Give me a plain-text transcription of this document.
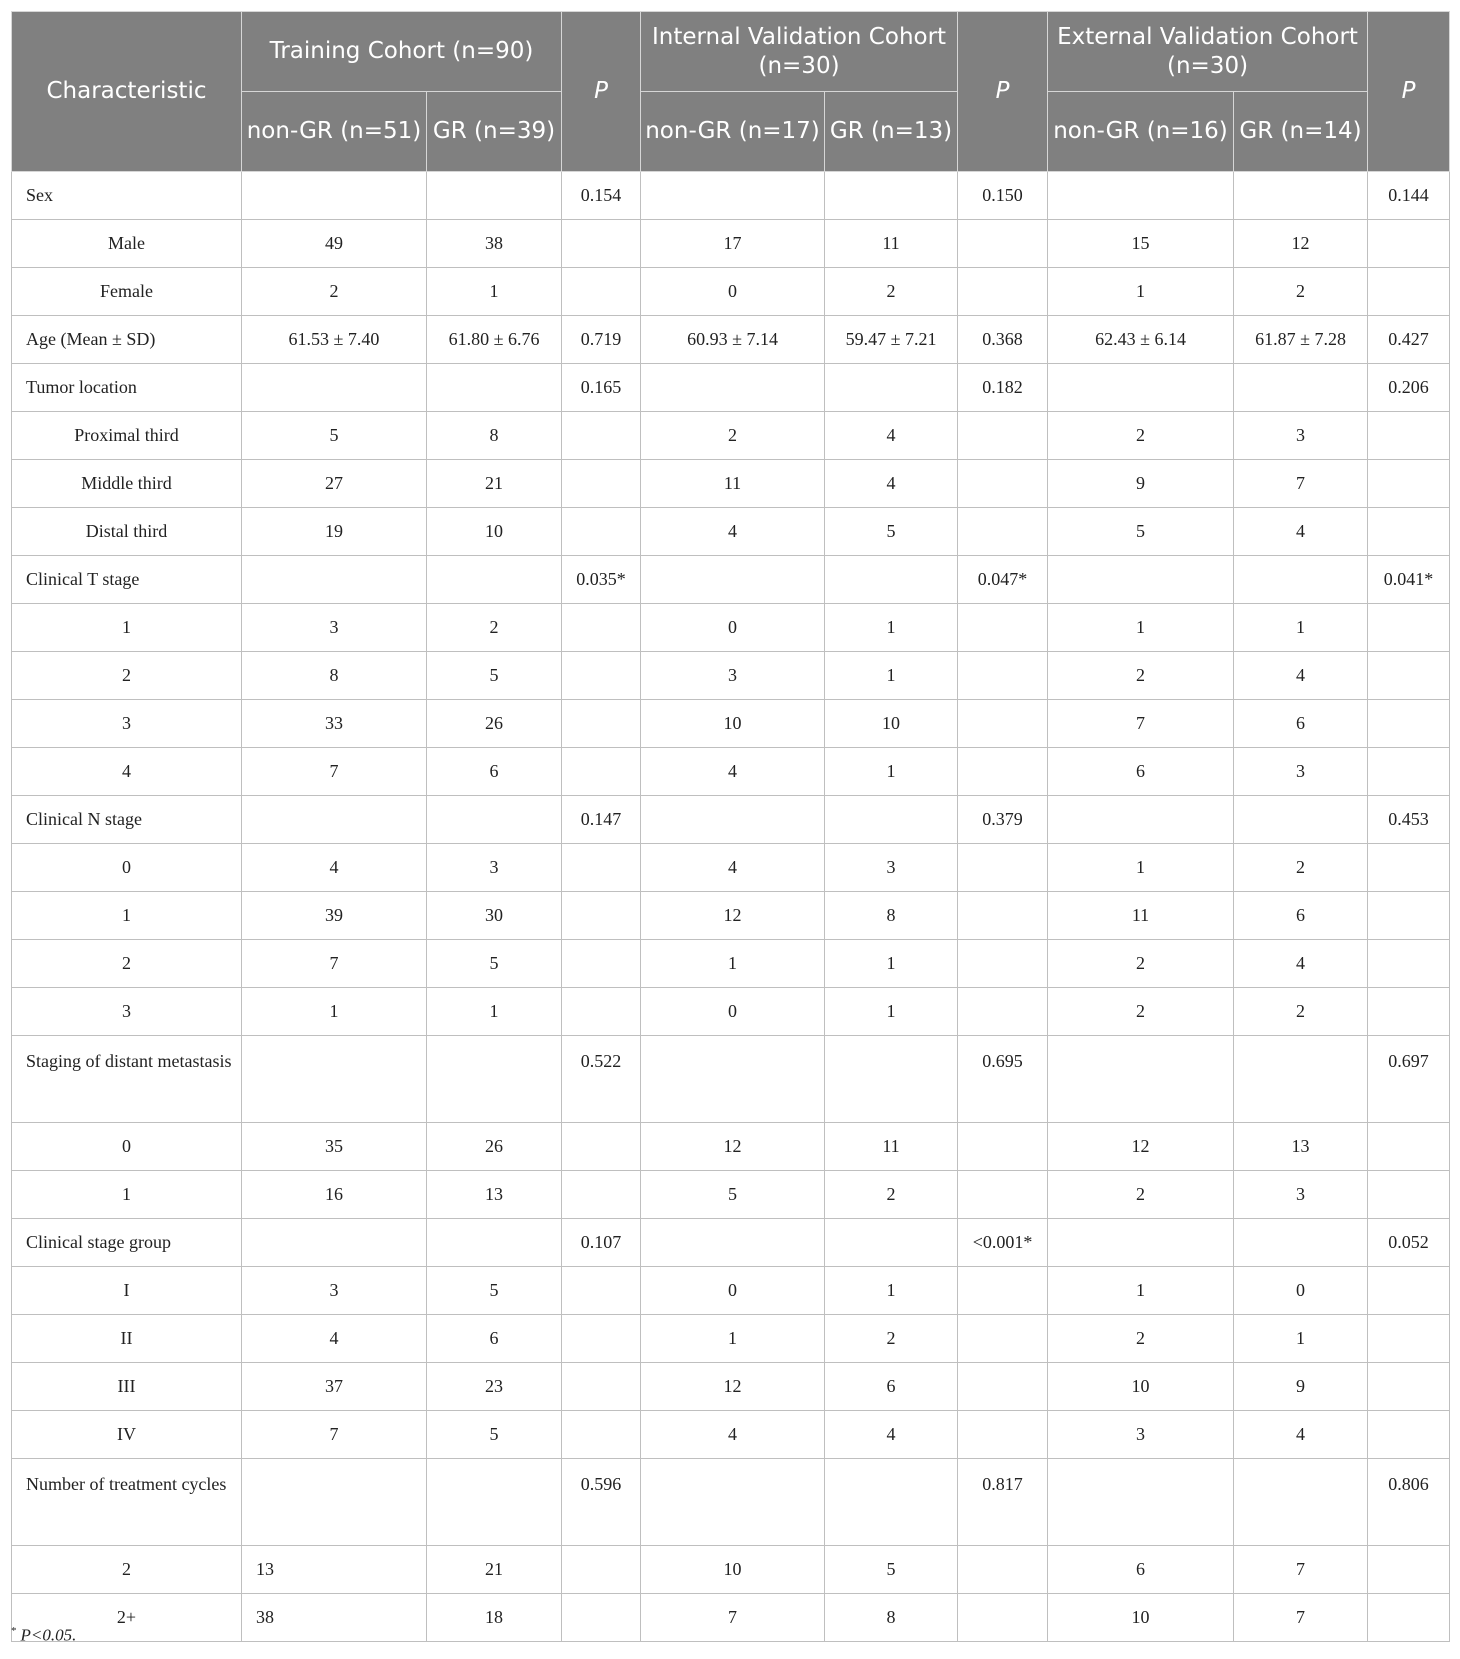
Characteristic	Training Cohort (n=90)		P	Internal Validation Cohort (n=30)		P	External Validation Cohort (n=30)		P
	non-GR (n=51)	GR (n=39)		non-GR (n=17)	GR (n=13)		non-GR (n=16)	GR (n=14)	
Sex			0.154			0.150			0.144
Male	49	38		17	11		15	12	
Female	2	1		0	2		1	2	
Age (Mean ± SD)	61.53 ± 7.40	61.80 ± 6.76	0.719	60.93 ± 7.14	59.47 ± 7.21	0.368	62.43 ± 6.14	61.87 ± 7.28	0.427
Tumor location			0.165			0.182			0.206
Proximal third	5	8		2	4		2	3	
Middle third	27	21		11	4		9	7	
Distal third	19	10		4	5		5	4	
Clinical T stage			0.035*			0.047*			0.041*
1	3	2		0	1		1	1	
2	8	5		3	1		2	4	
3	33	26		10	10		7	6	
4	7	6		4	1		6	3	
Clinical N stage			0.147			0.379			0.453
0	4	3		4	3		1	2	
1	39	30		12	8		11	6	
2	7	5		1	1		2	4	
3	1	1		0	1		2	2	
Staging of distant metastasis			0.522			0.695			0.697
0	35	26		12	11		12	13	
1	16	13		5	2		2	3	
Clinical stage group			0.107			<0.001*			0.052
I	3	5		0	1		1	0	
II	4	6		1	2		2	1	
III	37	23		12	6		10	9	
IV	7	5		4	4		3	4	
Number of treatment cycles			0.596			0.817			0.806
2	13	21		10	5		6	7	
2+	38	18		7	8		10	7	
* P<0.05.
